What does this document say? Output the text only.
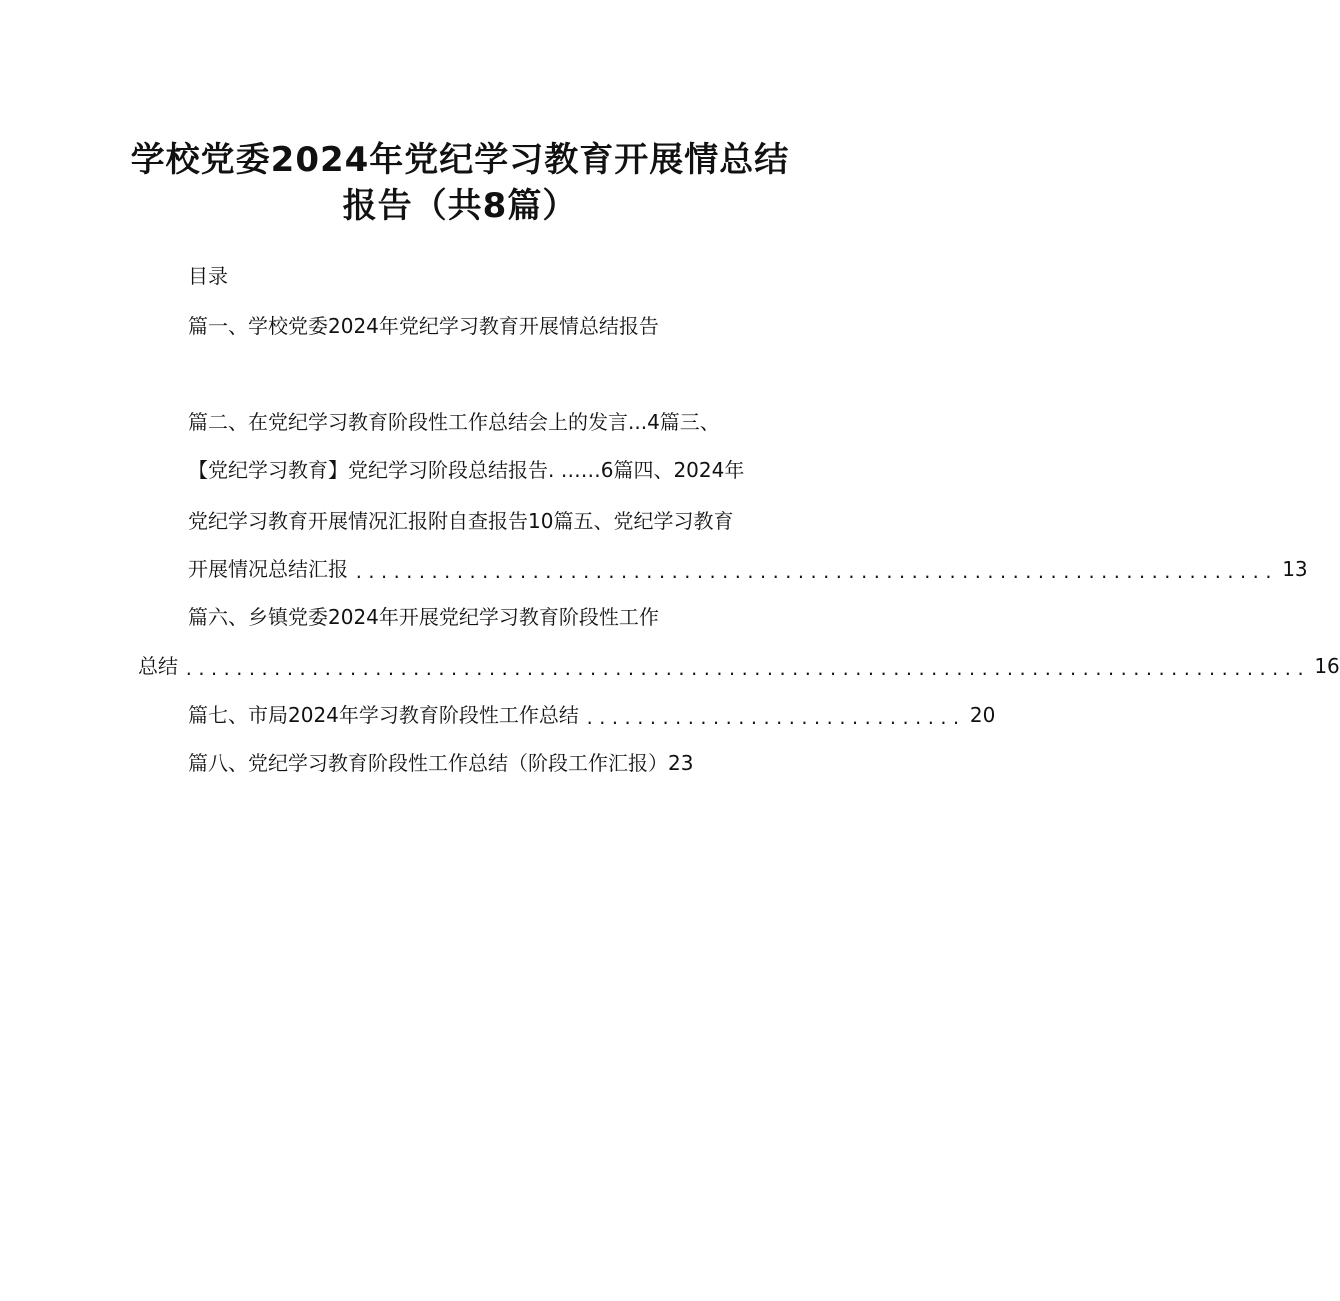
学校党委2024年党纪学习教育开展情总结
报告（共8篇）
目录
篇一、学校党委2024年党纪学习教育开展情总结报告
篇二、在党纪学习教育阶段性工作总结会上的发言...4篇三、
【党纪学习教育】党纪学习阶段总结报告. ……6篇四、2024年
党纪学习教育开展情况汇报附自查报告10篇五、党纪学习教育
开展情况总结汇报 ......................................................................... 13
篇六、乡镇党委2024年开展党纪学习教育阶段性工作
总结 ......................................................................................... 16
篇七、市局2024年学习教育阶段性工作总结 .............................. 20
篇八、党纪学习教育阶段性工作总结（阶段工作汇报）23
